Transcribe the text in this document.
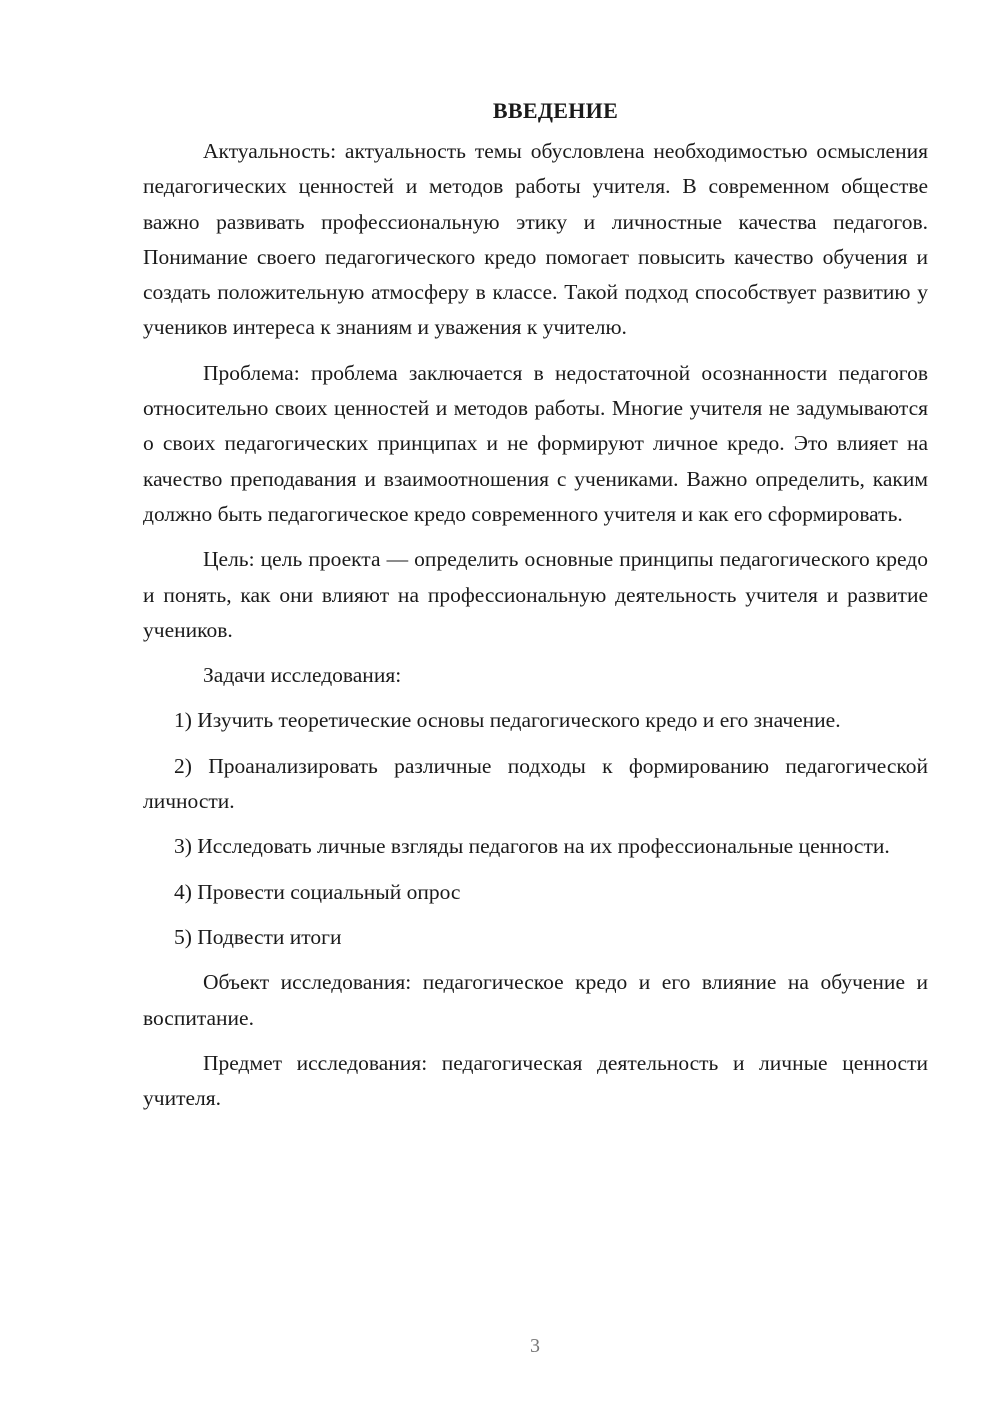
ВВЕДЕНИЕ

Актуальность: актуальность темы обусловлена необходимостью осмысления педагогических ценностей и методов работы учителя. В современном обществе важно развивать профессиональную этику и личностные качества педагогов. Понимание своего педагогического кредо помогает повысить качество обучения и создать положительную атмосферу в классе. Такой подход способствует развитию у учеников интереса к знаниям и уважения к учителю.

Проблема: проблема заключается в недостаточной осознанности педагогов относительно своих ценностей и методов работы. Многие учителя не задумываются о своих педагогических принципах и не формируют личное кредо. Это влияет на качество преподавания и взаимоотношения с учениками. Важно определить, каким должно быть педагогическое кредо современного учителя и как его сформировать.

Цель: цель проекта — определить основные принципы педагогического кредо и понять, как они влияют на профессиональную деятельность учителя и развитие учеников.

Задачи исследования:

1) Изучить теоретические основы педагогического кредо и его значение.

2) Проанализировать различные подходы к формированию педагогической личности.

3) Исследовать личные взгляды педагогов на их профессиональные ценности.

4) Провести социальный опрос

5) Подвести итоги

Объект исследования: педагогическое кредо и его влияние на обучение и воспитание.

Предмет исследования: педагогическая деятельность и личные ценности учителя.

3
